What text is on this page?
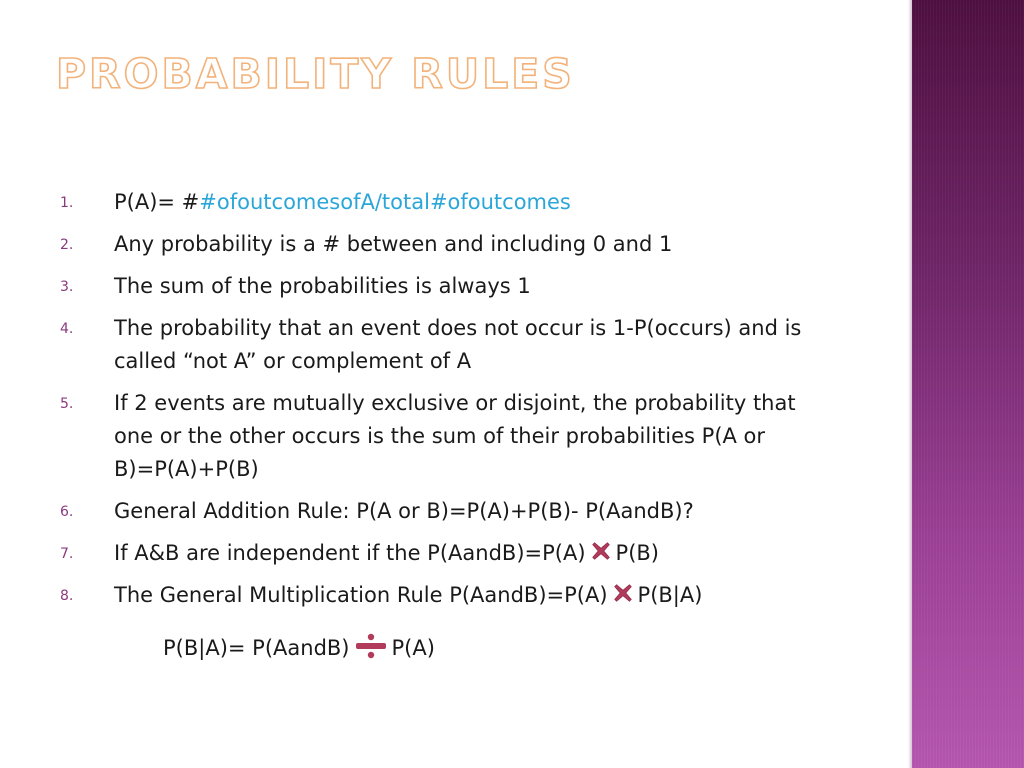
PROBABILITY RULES
1. P(A)= ##ofoutcomesofA/total#ofoutcomes
2. Any probability is a # between and including 0 and 1
3. The sum of the probabilities is always 1
4. The probability that an event does not occur is 1-P(occurs) and is called “not A” or complement of A
5. If 2 events are mutually exclusive or disjoint, the probability that one or the other occurs is the sum of their probabilities P(A or B)=P(A)+P(B)
6. General Addition Rule: P(A or B)=P(A)+P(B)- P(AandB)?
7. If A&B are independent if the P(AandB)=P(A) P(B)
8. The General Multiplication Rule P(AandB)=P(A) P(B|A)
P(B|A)= P(AandB) P(A)
